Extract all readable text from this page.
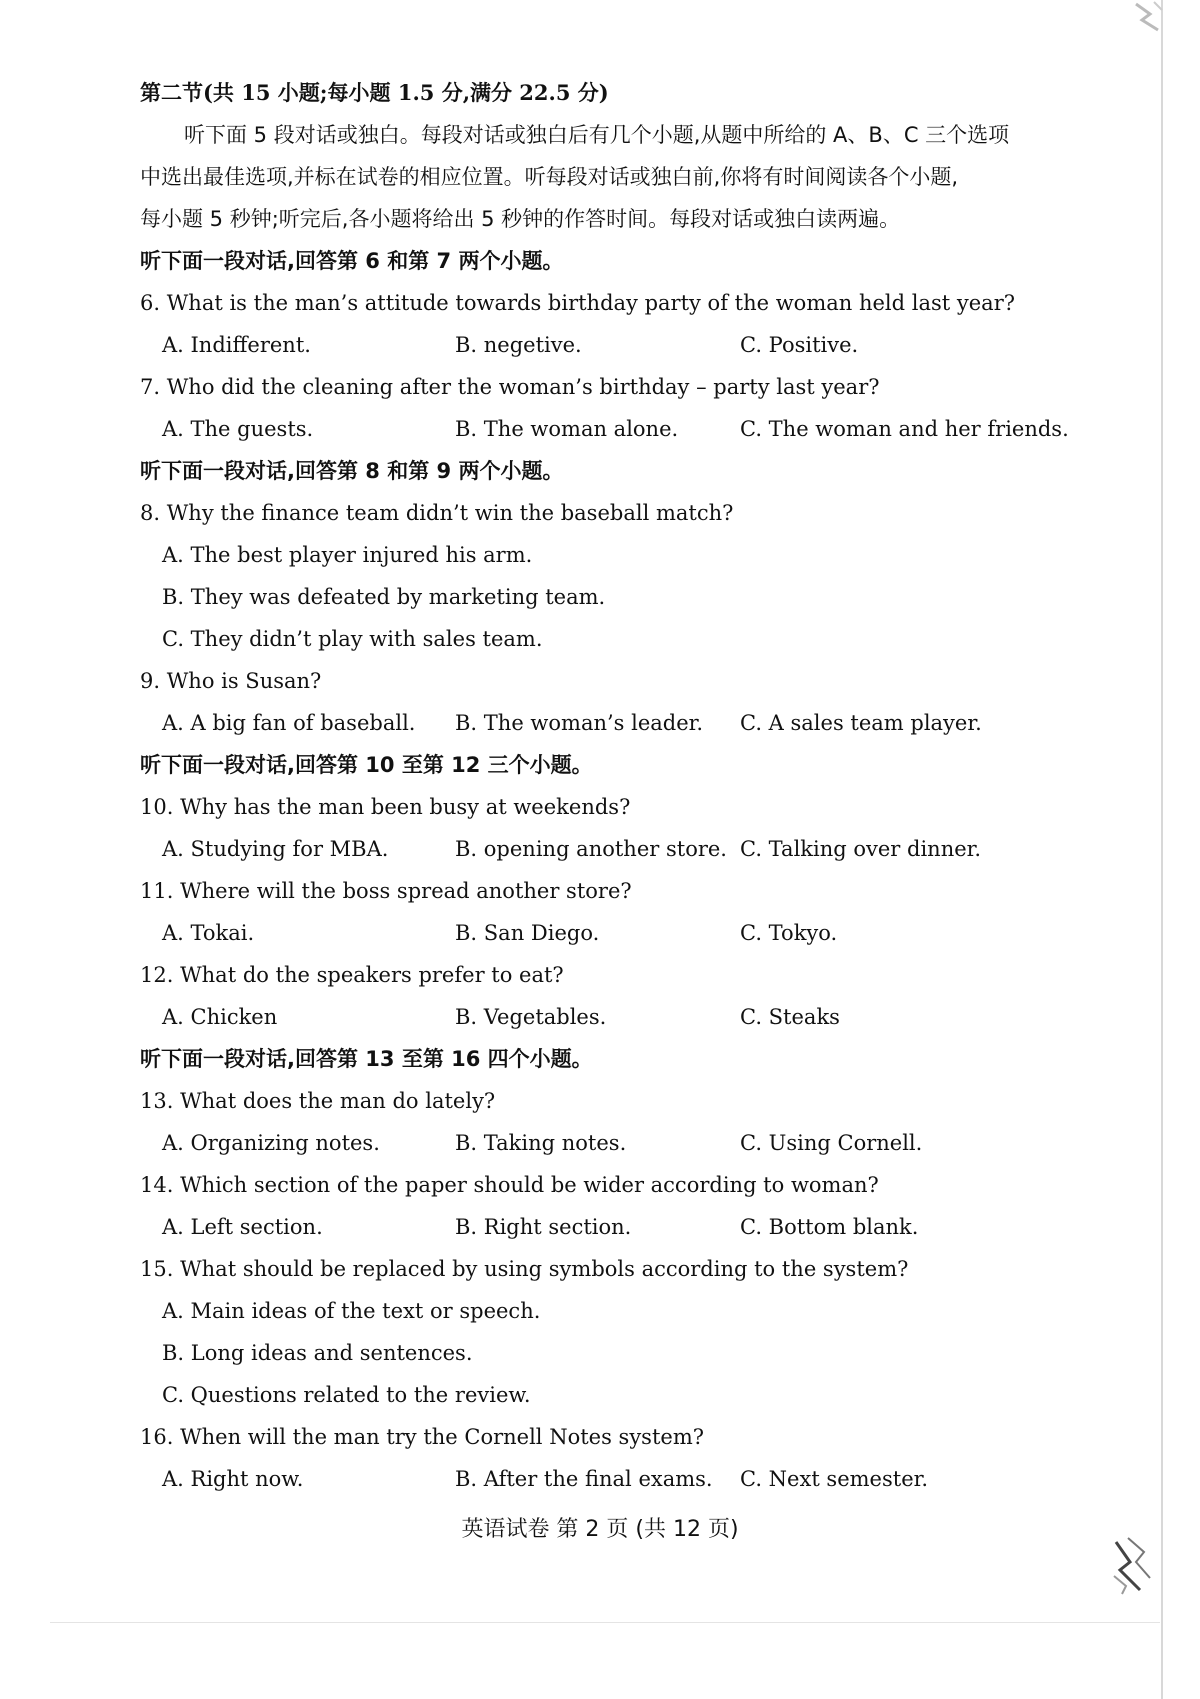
第二节(共 15 小题;每小题 1.5 分,满分 22.5 分)
听下面 5 段对话或独白。每段对话或独白后有几个小题,从题中所给的 A、B、C 三个选项
中选出最佳选项,并标在试卷的相应位置。听每段对话或独白前,你将有时间阅读各个小题,
每小题 5 秒钟;听完后,各小题将给出 5 秒钟的作答时间。每段对话或独白读两遍。
听下面一段对话,回答第 6 和第 7 两个小题。
6. What is the man’s attitude towards birthday party of the woman held last year?
A. Indifferent.	B. negetive.	C. Positive.
7. Who did the cleaning after the woman’s birthday – party last year?
A. The guests.	B. The woman alone.	C. The woman and her friends.
听下面一段对话,回答第 8 和第 9 两个小题。
8. Why the finance team didn’t win the baseball match?
A. The best player injured his arm.
B. They was defeated by marketing team.
C. They didn’t play with sales team.
9. Who is Susan?
A. A big fan of baseball. B. The woman’s leader. C. A sales team player.
听下面一段对话,回答第 10 至第 12 三个小题。
10. Why has the man been busy at weekends?
A. Studying for MBA.	B. opening another store. C. Talking over dinner.
11. Where will the boss spread another store?
A. Tokai.	B. San Diego.	C. Tokyo.
12. What do the speakers prefer to eat?
A. Chicken	B. Vegetables.	C. Steaks
听下面一段对话,回答第 13 至第 16 四个小题。
13. What does the man do lately?
A. Organizing notes.	B. Taking notes.	C. Using Cornell.
14. Which section of the paper should be wider according to woman?
A. Left section.	B. Right section.	C. Bottom blank.
15. What should be replaced by using symbols according to the system?
A. Main ideas of the text or speech.
B. Long ideas and sentences.
C. Questions related to the review.
16. When will the man try the Cornell Notes system?
A. Right now.	B. After the final exams. C. Next semester.
英语试卷 第 2 页 (共 12 页)
